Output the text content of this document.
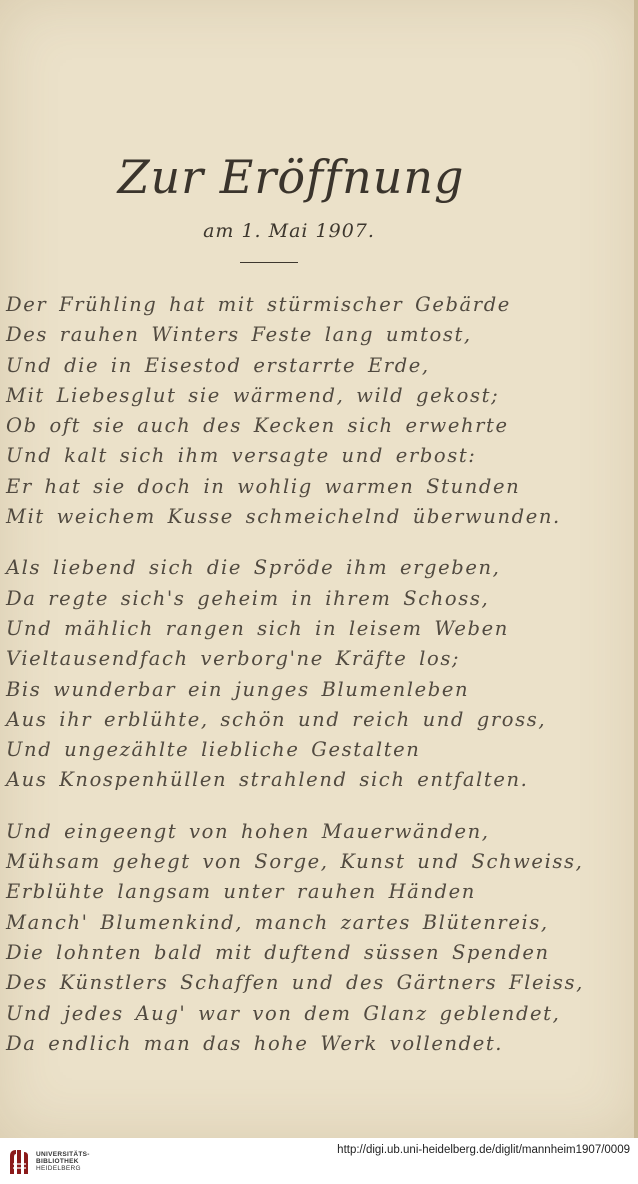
Zur Eröffnung
am 1. Mai 1907.
Der Frühling hat mit stürmischer Gebärde
Des rauhen Winters Feste lang umtost,
Und die in Eisestod erstarrte Erde,
Mit Liebesglut sie wärmend, wild gekost;
Ob oft sie auch des Kecken sich erwehrte
Und kalt sich ihm versagte und erbost:
Er hat sie doch in wohlig warmen Stunden
Mit weichem Kusse schmeichelnd überwunden.
Als liebend sich die Spröde ihm ergeben,
Da regte sich's geheim in ihrem Schoss,
Und mählich rangen sich in leisem Weben
Vieltausendfach verborg'ne Kräfte los;
Bis wunderbar ein junges Blumenleben
Aus ihr erblühte, schön und reich und gross,
Und ungezählte liebliche Gestalten
Aus Knospenhüllen strahlend sich entfalten.
Und eingeengt von hohen Mauerwänden,
Mühsam gehegt von Sorge, Kunst und Schweiss,
Erblühte langsam unter rauhen Händen
Manch' Blumenkind, manch zartes Blütenreis,
Die lohnten bald mit duftend süssen Spenden
Des Künstlers Schaffen und des Gärtners Fleiss,
Und jedes Aug' war von dem Glanz geblendet,
Da endlich man das hohe Werk vollendet.
UNIVERSITÄTS-
BIBLIOTHEK
HEIDELBERG
http://digi.ub.uni-heidelberg.de/diglit/mannheim1907/0009
